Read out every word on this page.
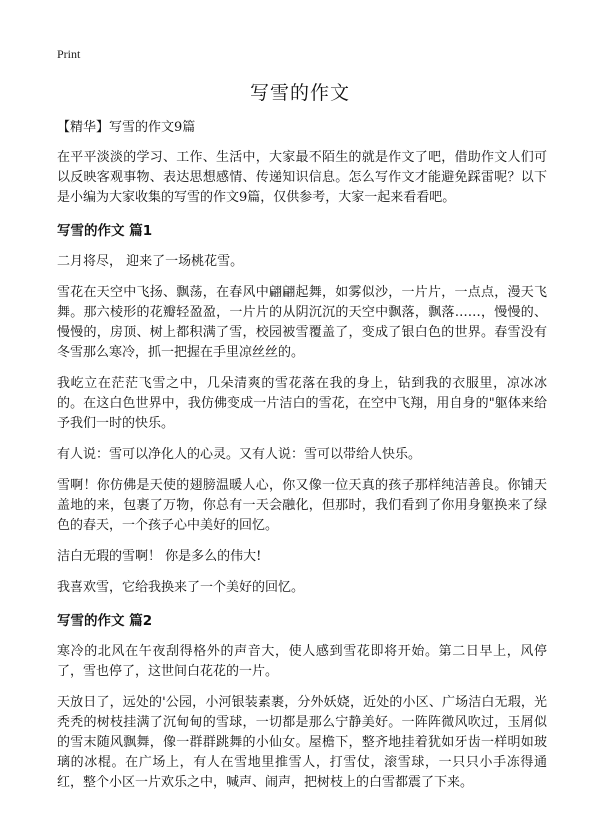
Print
写雪的作文

【精华】写雪的作文9篇

在平平淡淡的学习、工作、生活中，大家最不陌生的就是作文了吧，借助作文人们可以反映客观事物、表达思想感情、传递知识信息。怎么写作文才能避免踩雷呢？以下是小编为大家收集的写雪的作文9篇，仅供参考，大家一起来看看吧。

写雪的作文 篇1

二月将尽， 迎来了一场桃花雪。

雪花在天空中飞扬、飘荡，在春风中翩翩起舞，如雾似沙，一片片，一点点，漫天飞舞。那六棱形的花瓣轻盈盈，一片片的从阴沉沉的天空中飘落，飘落……，慢慢的、慢慢的，房顶、树上都积满了雪，校园被雪覆盖了，变成了银白色的世界。春雪没有冬雪那么寒冷，抓一把握在手里凉丝丝的。

我屹立在茫茫飞雪之中，几朵清爽的雪花落在我的身上，钻到我的衣服里，凉冰冰的。在这白色世界中，我仿佛变成一片洁白的雪花，在空中飞翔，用自身的"躯体来给予我们一时的快乐。

有人说：雪可以净化人的心灵。又有人说：雪可以带给人快乐。

雪啊！你仿佛是天使的翅膀温暖人心，你又像一位天真的孩子那样纯洁善良。你铺天盖地的来，包裹了万物，你总有一天会融化，但那时，我们看到了你用身躯换来了绿色的春天，一个孩子心中美好的回忆。

洁白无瑕的雪啊！ 你是多么的伟大!

我喜欢雪，它给我换来了一个美好的回忆。

写雪的作文 篇2

寒冷的北风在午夜刮得格外的声音大，使人感到雪花即将开始。第二日早上，风停了，雪也停了，这世间白花花的一片。

天放日了，远处的'公园，小河银装素裹，分外妖娆，近处的小区、广场洁白无瑕，光秃秃的树枝挂满了沉甸甸的雪球，一切都是那么宁静美好。一阵阵微风吹过，玉屑似的雪末随风飘舞，像一群群跳舞的小仙女。屋檐下，整齐地挂着犹如牙齿一样明如玻璃的冰棍。在广场上，有人在雪地里推雪人，打雪仗，滚雪球，一只只小手冻得通红，整个小区一片欢乐之中，喊声、闹声，把树枝上的白雪都震了下来。
